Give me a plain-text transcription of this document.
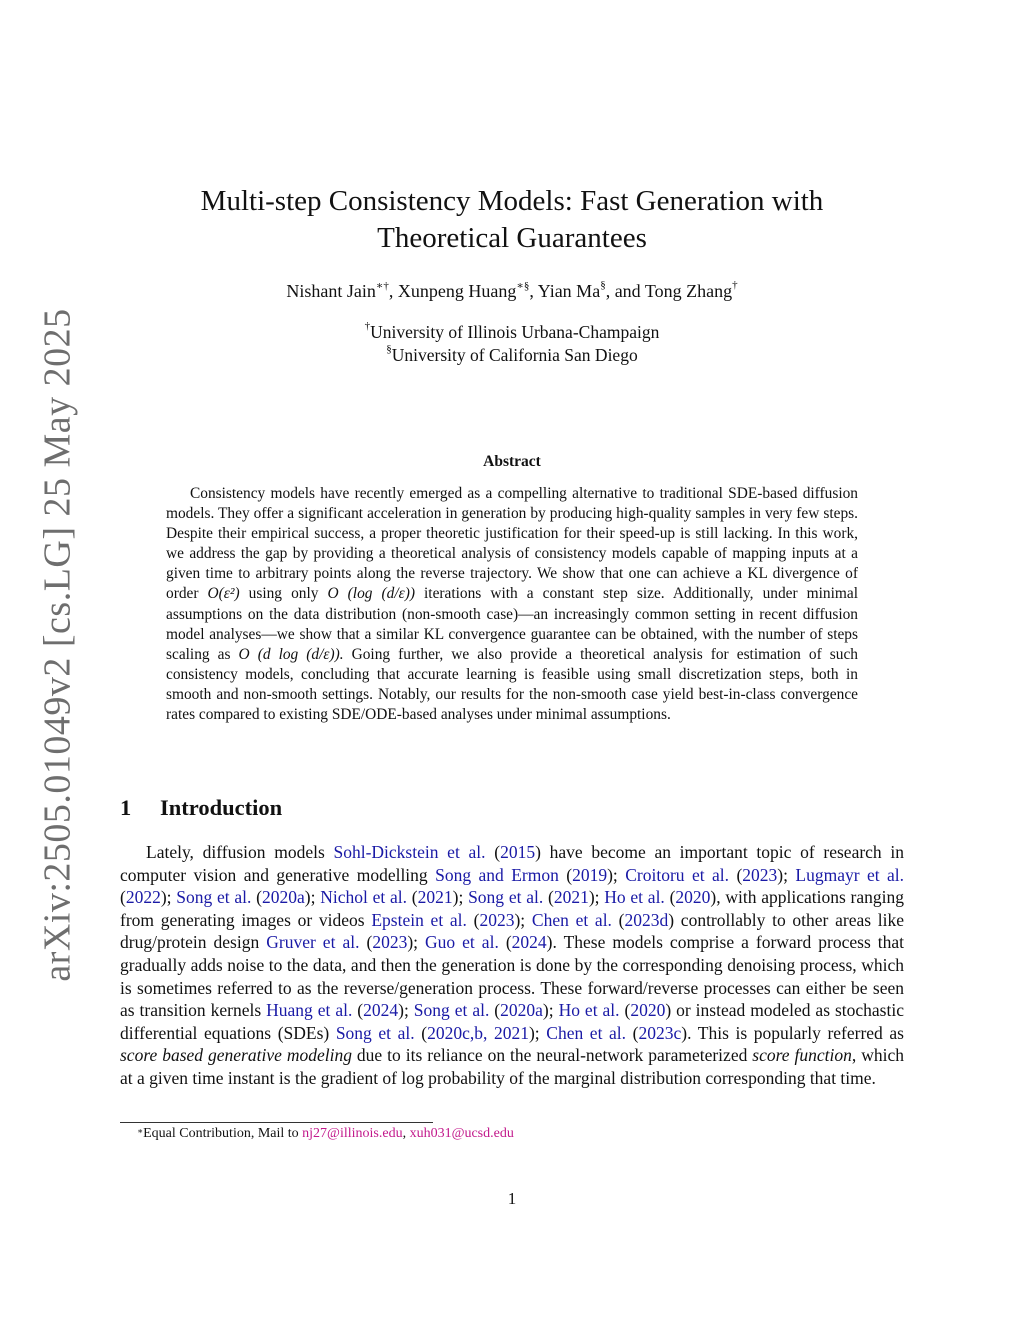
arXiv:2505.01049v2 [cs.LG] 25 May 2025
Multi-step Consistency Models: Fast Generation with
Theoretical Guarantees
Nishant Jain∗†, Xunpeng Huang∗§, Yian Ma§, and Tong Zhang†
†University of Illinois Urbana-Champaign
§University of California San Diego
Abstract

Consistency models have recently emerged as a compelling alternative to traditional SDE-based diffusion models. They offer a significant acceleration in generation by producing high-quality samples in very few steps. Despite their empirical success, a proper theoretic justification for their speed-up is still lacking. In this work, we address the gap by providing a theoretical analysis of consistency models capable of mapping inputs at a given time to arbitrary points along the reverse trajectory. We show that one can achieve a KL divergence of order O(ε²) using only O (log (d/ε)) iterations with a constant step size. Additionally, under minimal assumptions on the data distribution (non-smooth case)—an increasingly common setting in recent diffusion model analyses—we show that a similar KL convergence guarantee can be obtained, with the number of steps scaling as O (d log (d/ε)). Going further, we also provide a theoretical analysis for estimation of such consistency models, concluding that accurate learning is feasible using small discretization steps, both in smooth and non-smooth settings. Notably, our results for the non-smooth case yield best-in-class convergence rates compared to existing SDE/ODE-based analyses under minimal assumptions.

1 Introduction

Lately, diffusion models Sohl-Dickstein et al. (2015) have become an important topic of research in computer vision and generative modelling Song and Ermon (2019); Croitoru et al. (2023); Lugmayr et al. (2022); Song et al. (2020a); Nichol et al. (2021); Song et al. (2021); Ho et al. (2020), with applications ranging from generating images or videos Epstein et al. (2023); Chen et al. (2023d) controllably to other areas like drug/protein design Gruver et al. (2023); Guo et al. (2024). These models comprise a forward process that gradually adds noise to the data, and then the generation is done by the corresponding denoising process, which is sometimes referred to as the reverse/generation process. These forward/reverse processes can either be seen as transition kernels Huang et al. (2024); Song et al. (2020a); Ho et al. (2020) or instead modeled as stochastic differential equations (SDEs) Song et al. (2020c,b, 2021); Chen et al. (2023c). This is popularly referred as score based generative modeling due to its reliance on the neural-network parameterized score function, which at a given time instant is the gradient of log probability of the marginal distribution corresponding that time.

∗Equal Contribution, Mail to nj27@illinois.edu, xuh031@ucsd.edu
1
